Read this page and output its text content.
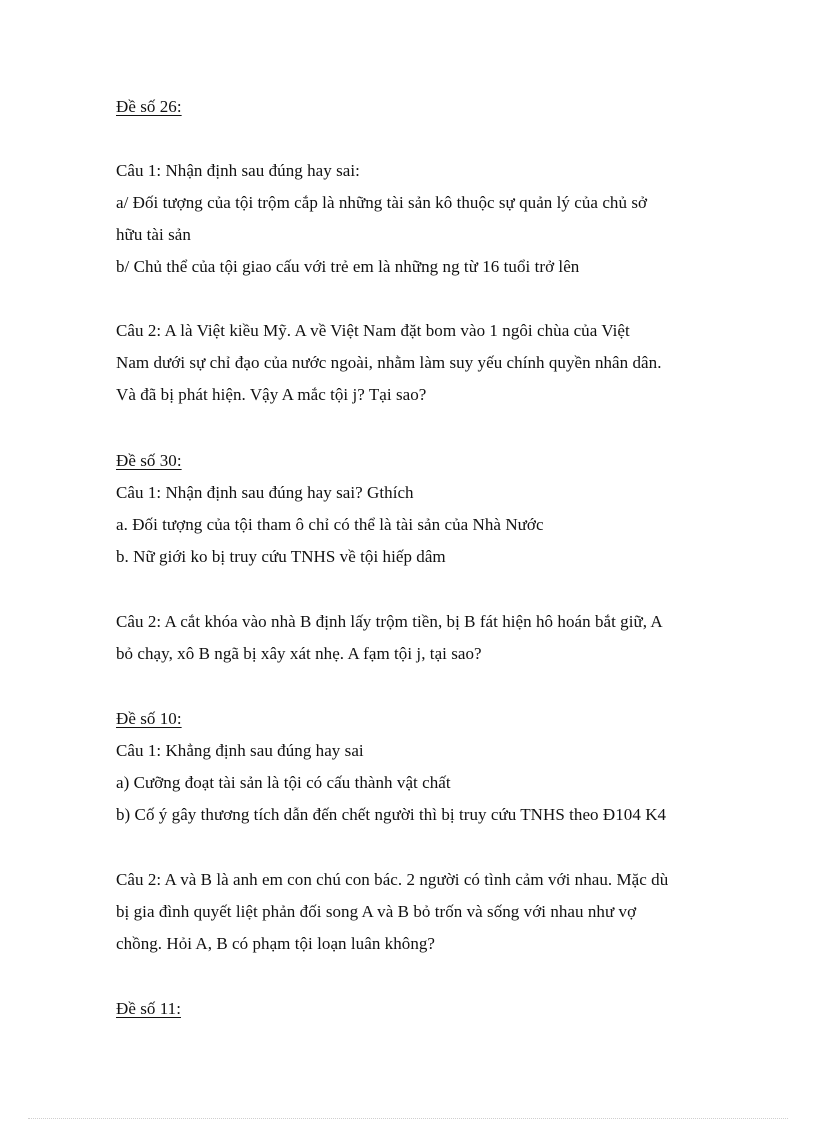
Đề số 26:

Câu 1: Nhận định sau đúng hay sai:

a/ Đối tượng của tội trộm cắp là những tài sản kô thuộc sự quản lý của chủ sở

hữu tài sản

b/ Chủ thể của tội giao cấu với trẻ em là những ng từ 16 tuổi trở lên

Câu 2: A là Việt kiều Mỹ. A về Việt Nam đặt bom vào 1 ngôi chùa của Việt

Nam dưới sự chỉ đạo của nước ngoài, nhằm làm suy yếu chính quyền nhân dân.

Và đã bị phát hiện. Vậy A mắc tội j? Tại sao?

Đề số 30:

Câu 1: Nhận định sau đúng hay sai? Gthích

a. Đối tượng của tội tham ô chỉ có thể là tài sản của Nhà Nước

b. Nữ giới ko bị truy cứu TNHS về tội hiếp dâm

Câu 2: A cắt khóa vào nhà B định lấy trộm tiền, bị B fát hiện hô hoán bắt giữ, A

bỏ chạy, xô B ngã bị xây xát nhẹ. A fạm tội j, tại sao?

Đề số 10:

Câu 1: Khẳng định sau đúng hay sai

a) Cưỡng đoạt tài sản là tội có cấu thành vật chất

b) Cố ý gây thương tích dẫn đến chết người thì bị truy cứu TNHS theo Đ104 K4

Câu 2: A và B là anh em con chú con bác. 2 người có tình cảm với nhau. Mặc dù

bị gia đình quyết liệt phản đối song A và B bỏ trốn và sống với nhau như vợ

chồng. Hỏi A, B có phạm tội loạn luân không?

Đề số 11:
